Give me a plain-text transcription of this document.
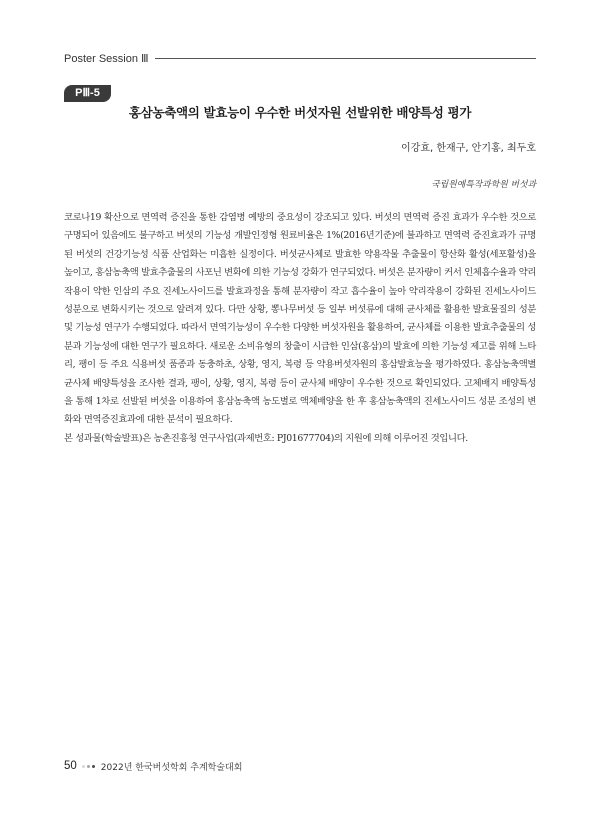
Poster Session Ⅲ
PⅢ-5
홍삼농축액의 발효능이 우수한 버섯자원 선발위한 배양특성 평가
이강효, 한재구, 안기홍, 최두호
국립원예특작과학원 버섯과

코로나19 확산으로 면역력 증진을 통한 감염병 예방의 중요성이 강조되고 있다. 버섯의 면역력 증진 효과가 우수한 것으로 구명되어 있음에도 불구하고 버섯의 기능성 개발인정형 원료비율은 1%(2016년기준)에 불과하고 면역력 증진효과가 규명된 버섯의 건강기능성 식품 산업화는 미흡한 실정이다. 버섯균사체로 발효한 약용작물 추출물이 항산화 활성(세포활성)을 높이고, 홍삼농축액 발효추출물의 사포닌 변화에 의한 기능성 강화가 연구되었다. 버섯은 분자량이 커서 인체흡수율과 약리작용이 약한 인삼의 주요 진세노사이드를 발효과정을 통해 분자량이 작고 흡수율이 높아 약리작용이 강화된 진세노사이드 성분으로 변화시키는 것으로 알려져 있다. 다만 상황, 뽕나무버섯 등 일부 버섯류에 대해 균사체를 활용한 발효물질의 성분 및 기능성 연구가 수행되었다. 따라서 면역기능성이 우수한 다양한 버섯자원을 활용하여, 균사체를 이용한 발효추출물의 성분과 기능성에 대한 연구가 필요하다. 새로운 소비유형의 창출이 시급한 인삼(홍삼)의 발효에 의한 기능성 제고를 위해 느타리, 팽이 등 주요 식용버섯 품종과 동충하초, 상황, 영지, 복령 등 약용버섯자원의 홍삼발효능을 평가하였다. 홍삼농축액별 균사체 배양특성을 조사한 결과, 팽이, 상황, 영지, 복령 등이 균사체 배양이 우수한 것으로 확인되었다. 고체배지 배양특성을 통해 1차로 선발된 버섯을 이용하여 홍삼농축액 농도별로 액체배양을 한 후 홍삼농축액의 진세노사이드 성분 조성의 변화와 면역증진효과에 대한 분석이 필요하다.

본 성과물(학술발표)은 농촌진흥청 연구사업(과제번호: PJ01677704)의 지원에 의해 이루어진 것입니다.

50	2022년 한국버섯학회 추계학술대회
